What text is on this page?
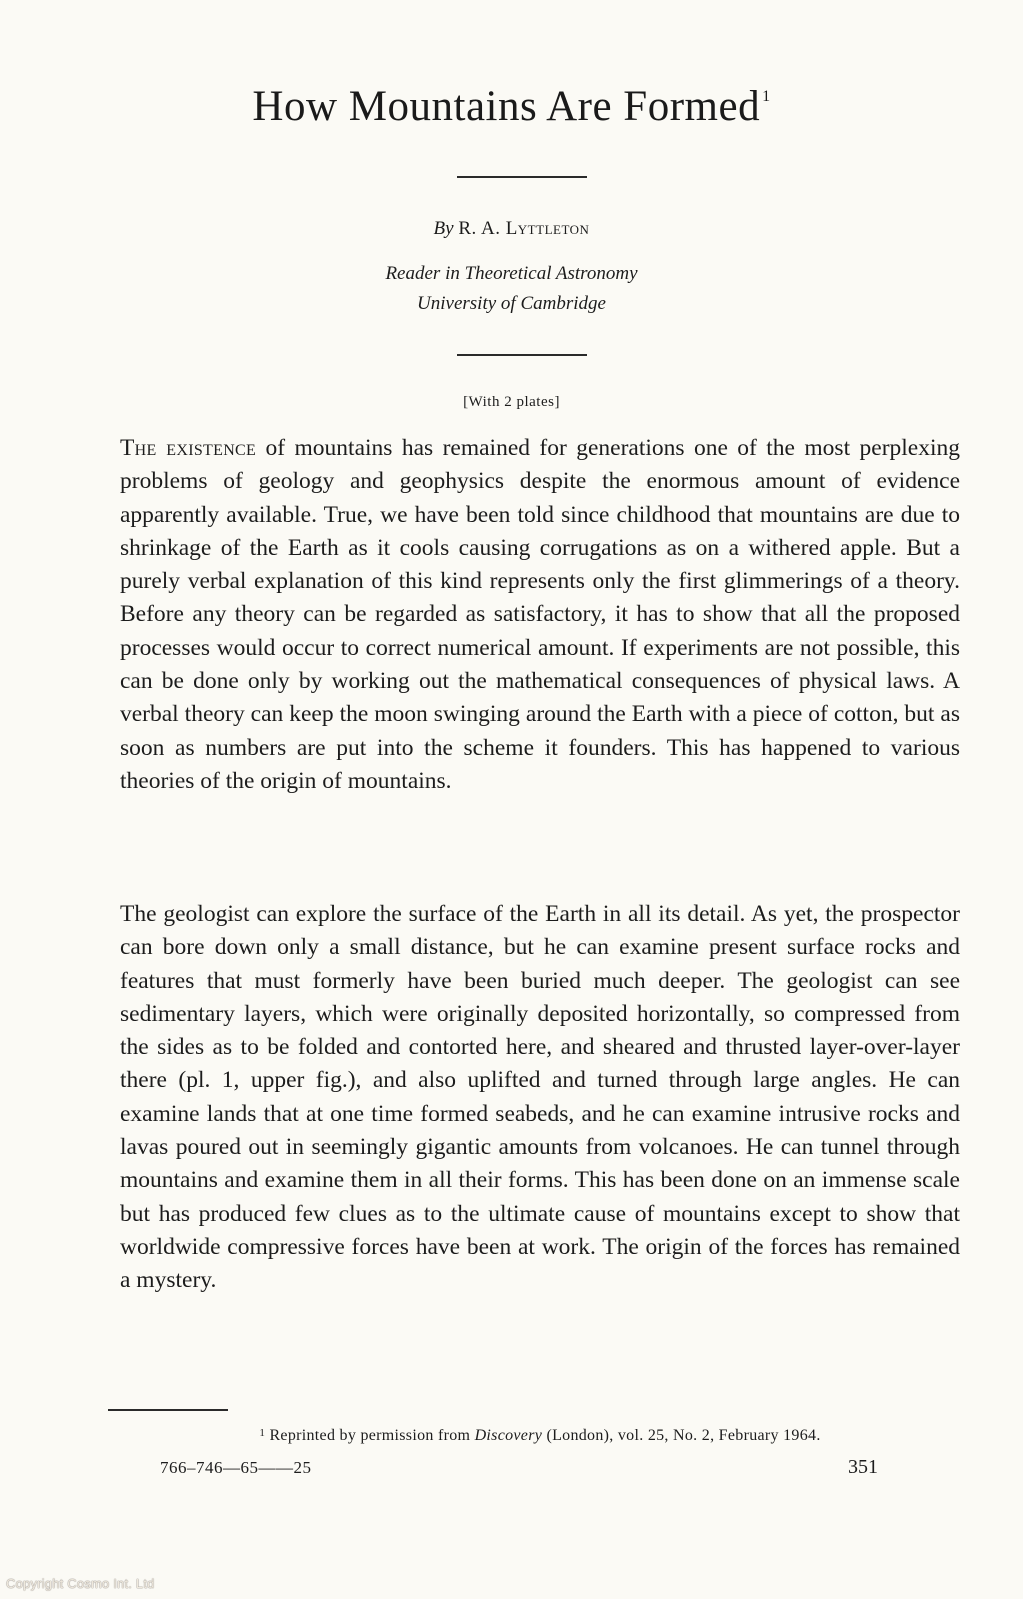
How Mountains Are Formed $^1$
By R. A. Lyttleton
Reader in Theoretical Astronomy
University of Cambridge
[With 2 plates]
The existence of mountains has remained for generations one of the most perplexing problems of geology and geophysics despite the enormous amount of evidence apparently available. True, we have been told since childhood that mountains are due to shrinkage of the Earth as it cools causing corrugations as on a withered apple. But a purely verbal explanation of this kind represents only the first glimmerings of a theory. Before any theory can be regarded as satisfactory, it has to show that all the proposed processes would occur to correct numerical amount. If experiments are not possible, this can be done only by working out the mathematical consequences of physical laws. A verbal theory can keep the moon swinging around the Earth with a piece of cotton, but as soon as numbers are put into the scheme it founders. This has happened to various theories of the origin of mountains.
The geologist can explore the surface of the Earth in all its detail. As yet, the prospector can bore down only a small distance, but he can examine present surface rocks and features that must formerly have been buried much deeper. The geologist can see sedimentary layers, which were originally deposited horizontally, so compressed from the sides as to be folded and contorted here, and sheared and thrusted layer-over-layer there (pl. 1, upper fig.), and also uplifted and turned through large angles. He can examine lands that at one time formed seabeds, and he can examine intrusive rocks and lavas poured out in seemingly gigantic amounts from volcanoes. He can tunnel through mountains and examine them in all their forms. This has been done on an immense scale but has produced few clues as to the ultimate cause of mountains except to show that worldwide compressive forces have been at work. The origin of the forces has remained a mystery.
$^1$ Reprinted by permission from Discovery (London), vol. 25, No. 2, February 1964.
766–746—65——25	351
Copyright Cosmo Int. Ltd
